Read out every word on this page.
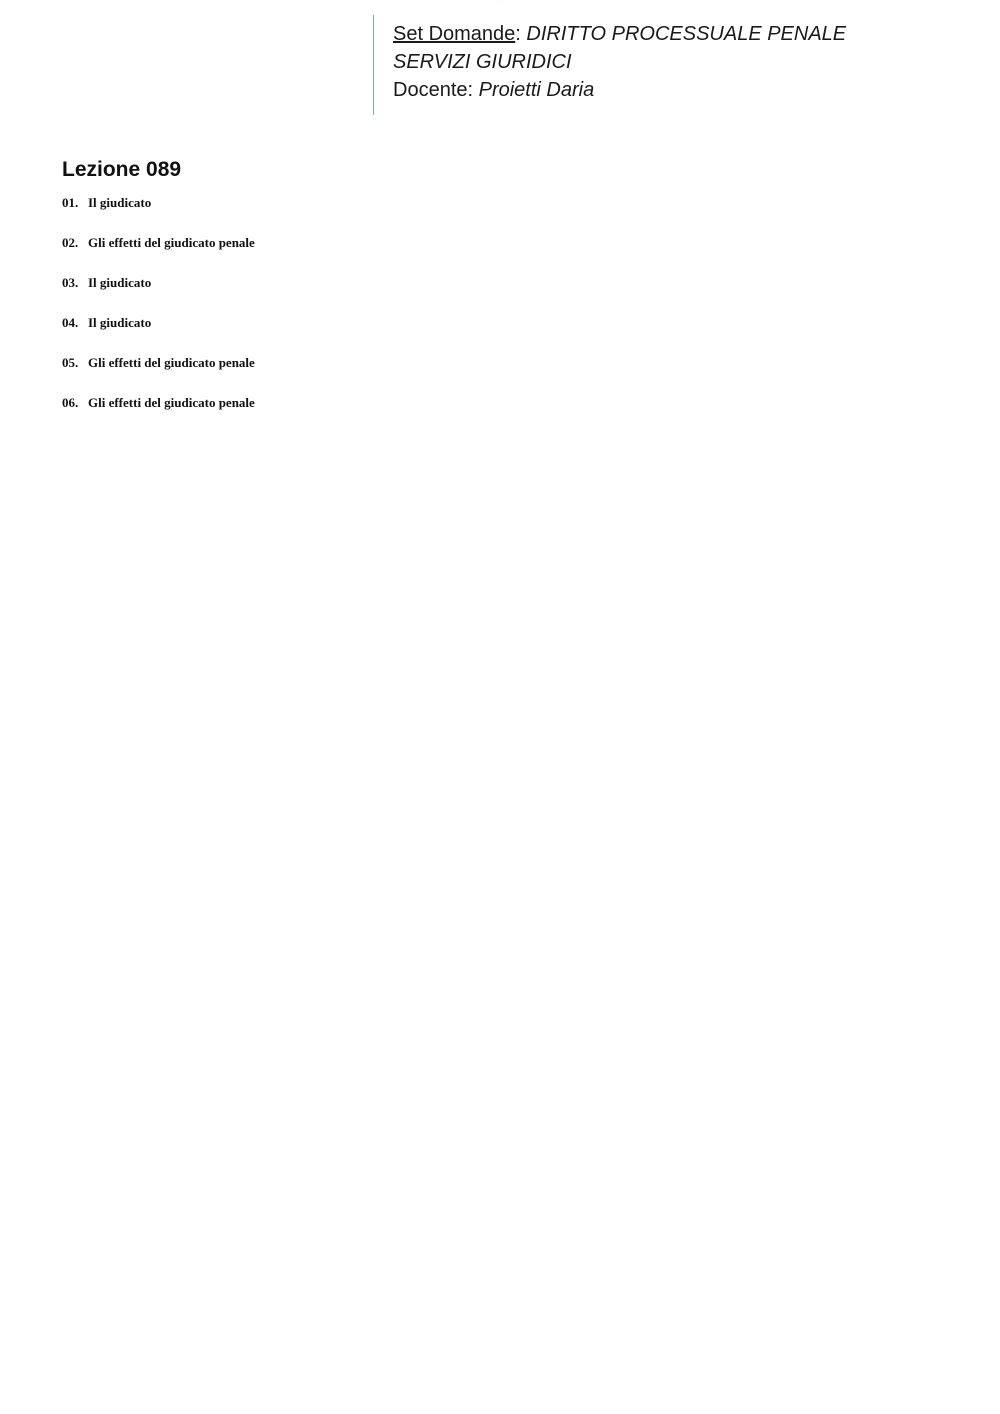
· · · · · ·
Set Domande: DIRITTO PROCESSUALE PENALE
SERVIZI GIURIDICI
Docente: Proietti Daria
Lezione 089
01. Il giudicato
02. Gli effetti del giudicato penale
03. Il giudicato
04. Il giudicato
05. Gli effetti del giudicato penale
06. Gli effetti del giudicato penale
